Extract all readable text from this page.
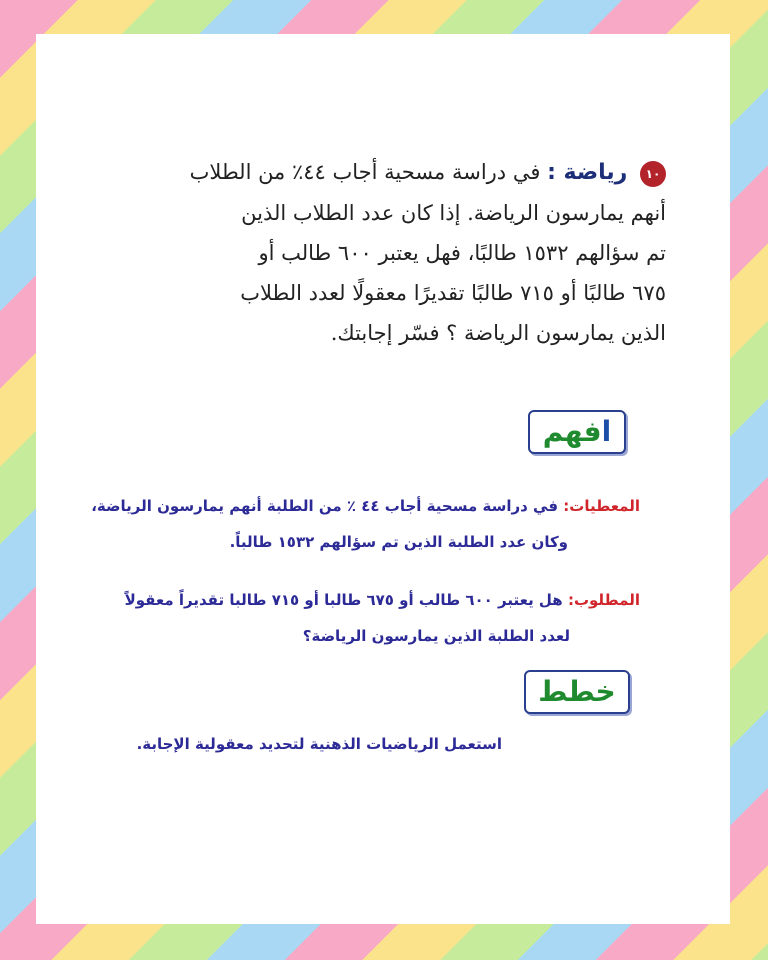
١٠ رياضة : في دراسة مسحية أجاب ٤٤٪ من الطلاب
أنهم يمارسون الرياضة. إذا كان عدد الطلاب الذين
تم سؤالهم ١٥٣٢ طالبًا، فهل يعتبر ٦٠٠ طالب أو
٦٧٥ طالبًا أو ٧١٥ طالبًا تقديرًا معقولًا لعدد الطلاب
الذين يمارسون الرياضة ؟ فسّر إجابتك.
افهم
المعطيات: في دراسة مسحية أجاب ٤٤ ٪ من الطلبة أنهم يمارسون الرياضة،
وكان عدد الطلبة الذين تم سؤالهم ١٥٣٢ طالباً.
المطلوب: هل يعتبر ٦٠٠ طالب أو ٦٧٥ طالبا أو ٧١٥ طالبا تقديراً معقولاً
لعدد الطلبة الذين يمارسون الرياضة؟
خطط
استعمل الرياضيات الذهنية لتحديد معقولية الإجابة.
